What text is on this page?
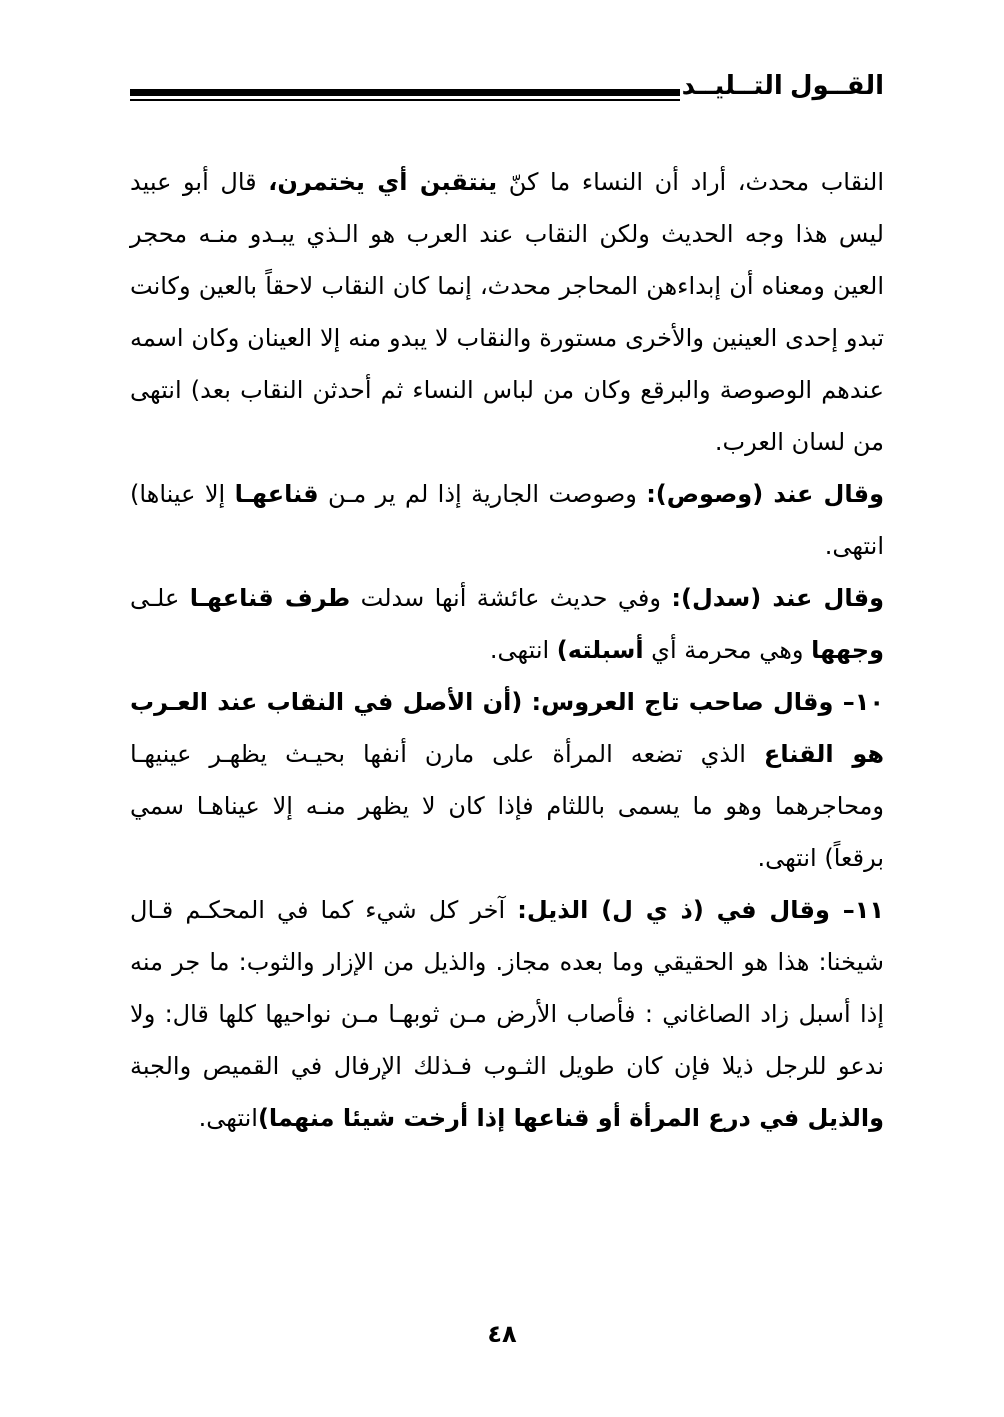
القــول التــليــد

النقاب محدث، أراد أن النساء ما كنّ ينتقبن أي يختمرن، قال أبو عبيد ليس هذا وجه الحديث ولكن النقاب عند العرب هو الـذي يبـدو منـه محجر العين ومعناه أن إبداءهن المحاجر محدث، إنما كان النقاب لاحقاً بالعين وكانت تبدو إحدى العينين والأخرى مستورة والنقاب لا يبدو منه إلا العينان وكان اسمه عندهم الوصوصة والبرقع وكان من لباس النساء ثم أحدثن النقاب بعد) انتهى من لسان العرب.

وقال عند (وصوص): وصوصت الجارية إذا لم ير مـن قناعهـا إلا عيناها) انتهى.

وقال عند (سدل): وفي حديث عائشة أنها سدلت طرف قناعهـا علـى وجهها وهي محرمة أي أسبلته) انتهى.

١٠– وقال صاحب تاج العروس: (أن الأصل في النقاب عند العـرب هو القناع الذي تضعه المرأة على مارن أنفها بحيـث يظهـر عينيهـا ومحاجرهما وهو ما يسمى باللثام فإذا كان لا يظهر منـه إلا عيناهـا سمي برقعاً) انتهى.

١١– وقال في (ذ ي ل) الذيل: آخر كل شيء كما في المحكـم قـال شيخنا: هذا هو الحقيقي وما بعده مجاز. والذيل من الإزار والثوب: ما جر منه إذا أسبل زاد الصاغاني : فأصاب الأرض مـن ثوبهـا مـن نواحيها كلها قال: ولا ندعو للرجل ذيلا فإن كان طويل الثـوب فـذلك الإرفال في القميص والجبة والذيل في درع المرأة أو قناعها إذا أرخت شيئا منهما)انتهى.

٤٨
